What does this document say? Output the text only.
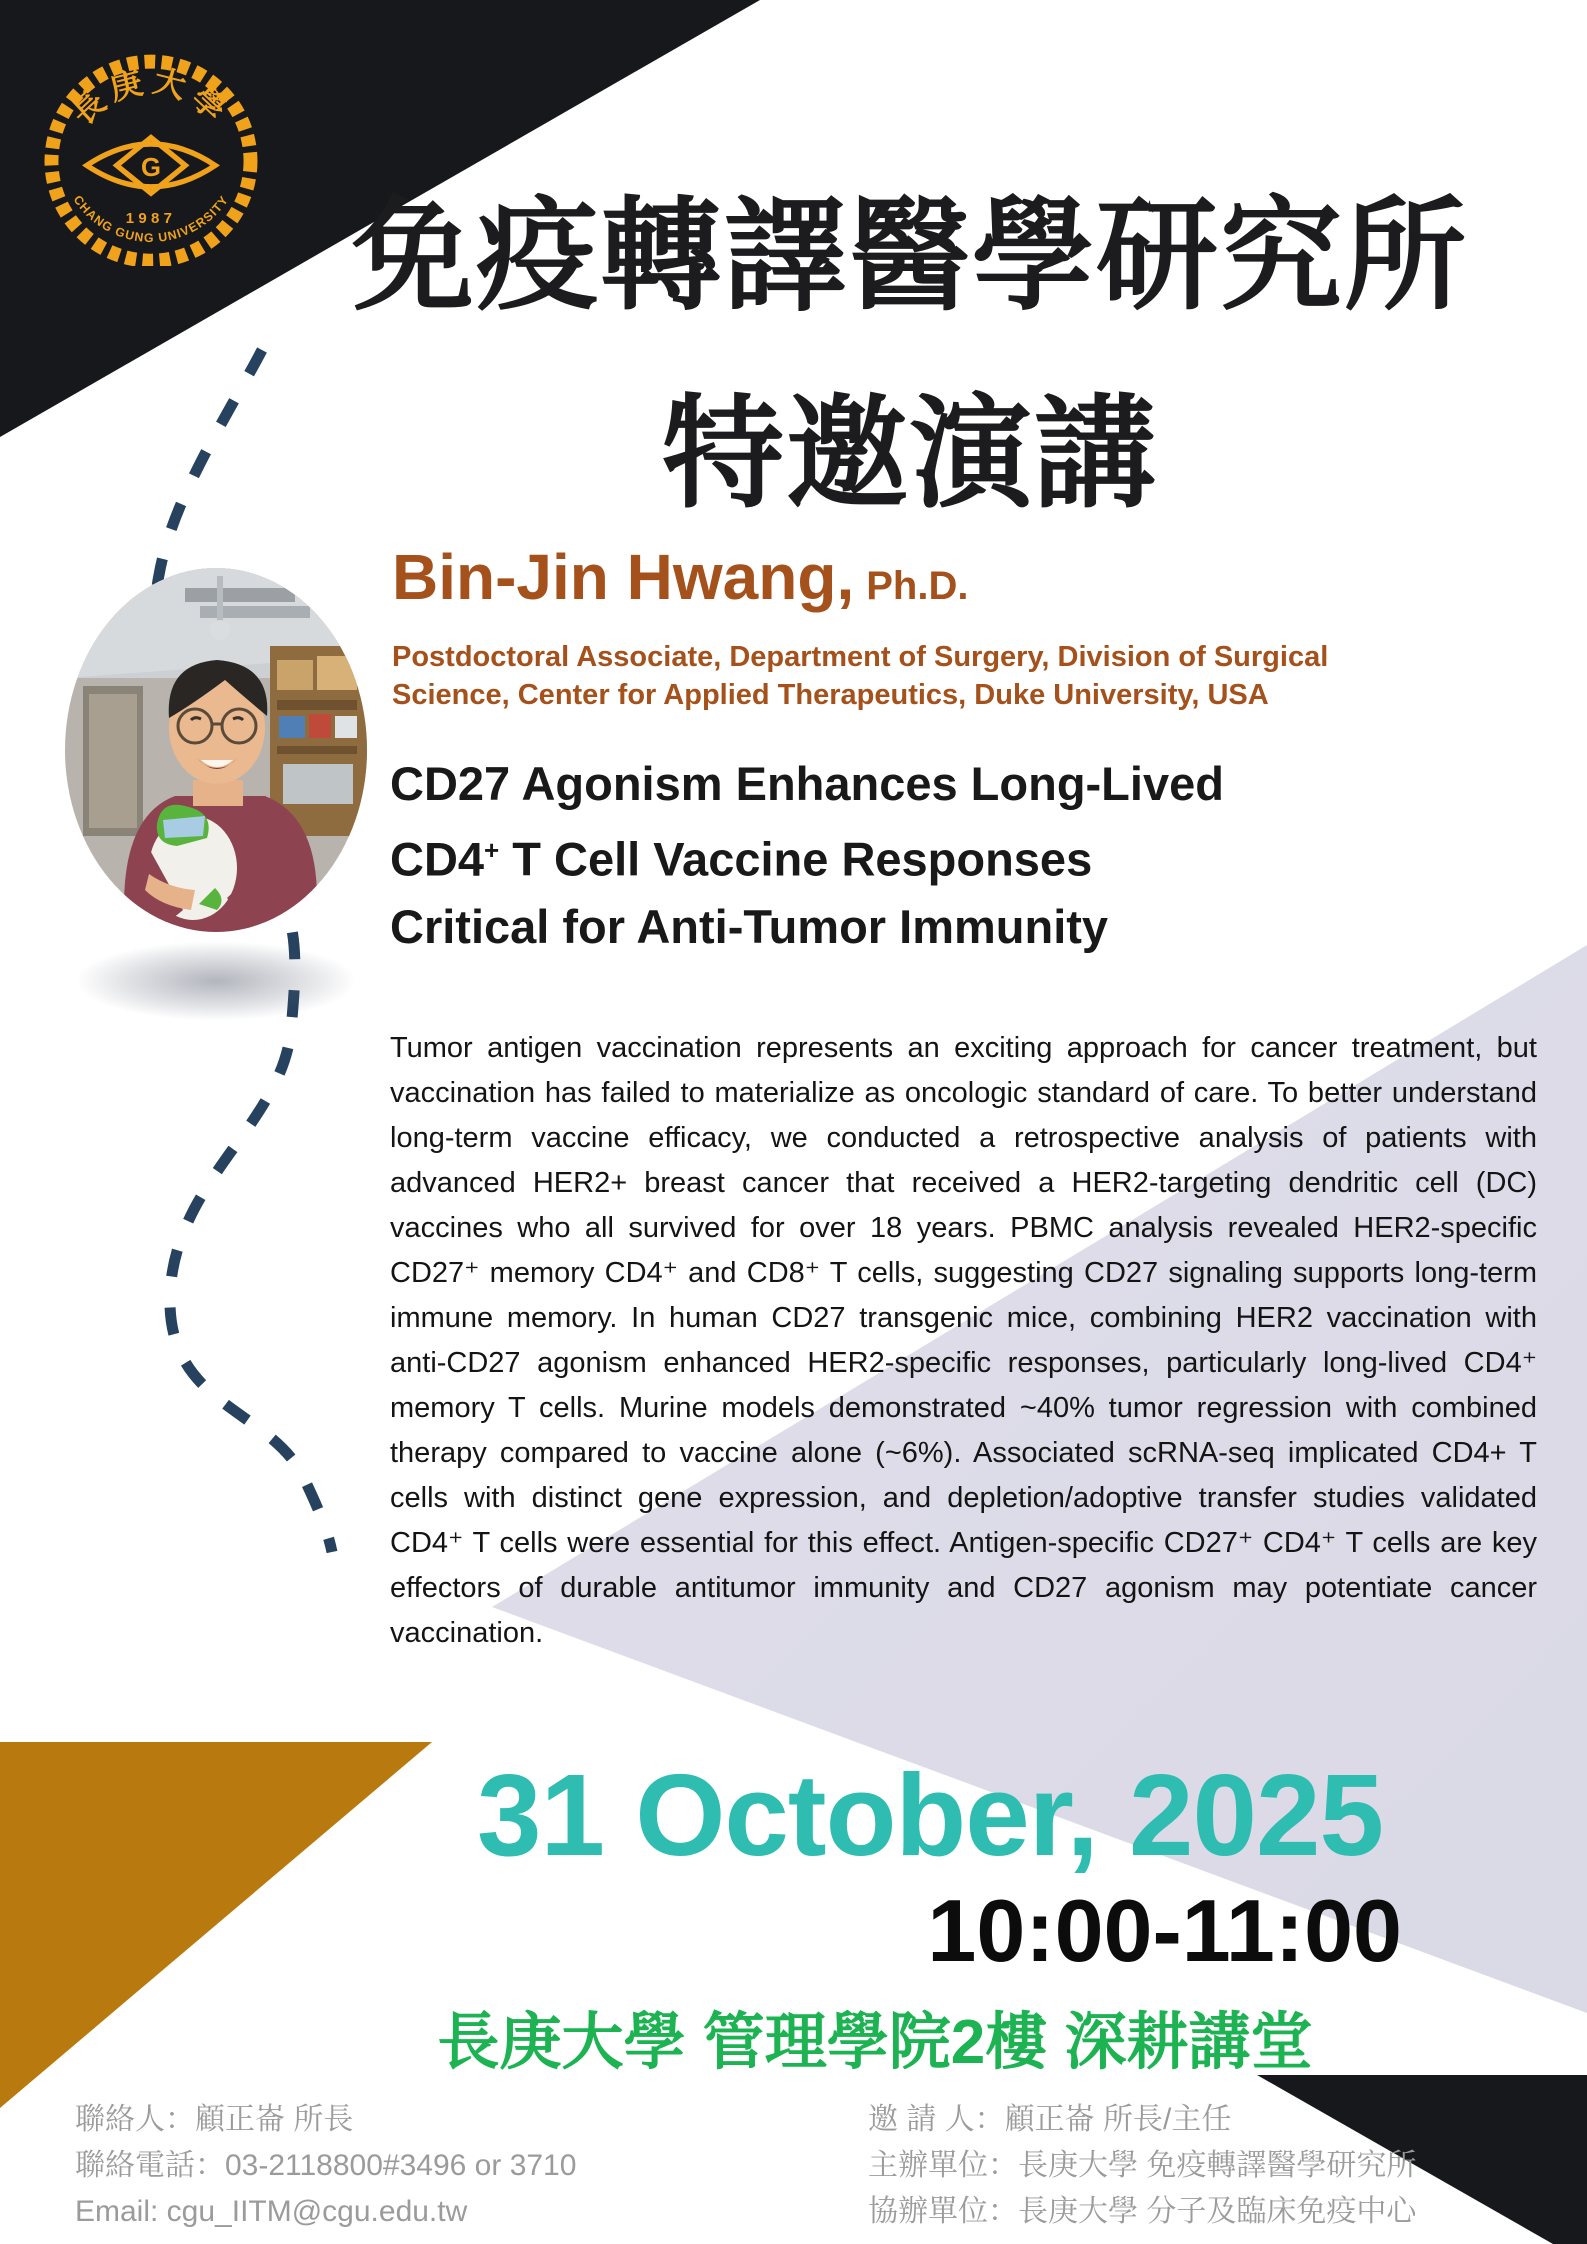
長庚大學
G
1987
CHANG GUNG UNIVERSITY 免疫轉譯醫學研究所
特邀演講
Bin-Jin Hwang, Ph.D.
Postdoctoral Associate, Department of Surgery, Division of Surgical
Science, Center for Applied Therapeutics, Duke University, USA
CD27 Agonism Enhances Long-Lived
CD4+ T Cell Vaccine Responses
Critical for Anti-Tumor Immunity
Tumor antigen vaccination represents an exciting approach for cancer treatment, but vaccination has failed to materialize as oncologic standard of care. To better understand long-term vaccine efficacy, we conducted a retrospective analysis of patients with advanced HER2+ breast cancer that received a HER2-targeting dendritic cell (DC) vaccines who all survived for over 18 years. PBMC analysis revealed HER2-specific CD27⁺ memory CD4⁺ and CD8⁺ T cells, suggesting CD27 signaling supports long-term immune memory. In human CD27 transgenic mice, combining HER2 vaccination with anti-CD27 agonism enhanced HER2-specific responses, particularly long-lived CD4⁺ memory T cells. Murine models demonstrated ~40% tumor regression with combined therapy compared to vaccine alone (~6%). Associated scRNA-seq implicated CD4+ T cells with distinct gene expression, and depletion/adoptive transfer studies validated CD4⁺ T cells were essential for this effect. Antigen-specific CD27⁺ CD4⁺ T cells are key effectors of durable antitumor immunity and CD27 agonism may potentiate cancer vaccination.
31 October, 2025
10:00-11:00
長庚大學 管理學院2樓 深耕講堂
聯絡人：顧正崙 所長
聯絡電話：03-2118800#3496 or 3710
Email: cgu_IITM@cgu.edu.tw
邀 請 人：顧正崙 所長/主任
主辦單位：長庚大學 免疫轉譯醫學研究所
協辦單位：長庚大學 分子及臨床免疫中心
